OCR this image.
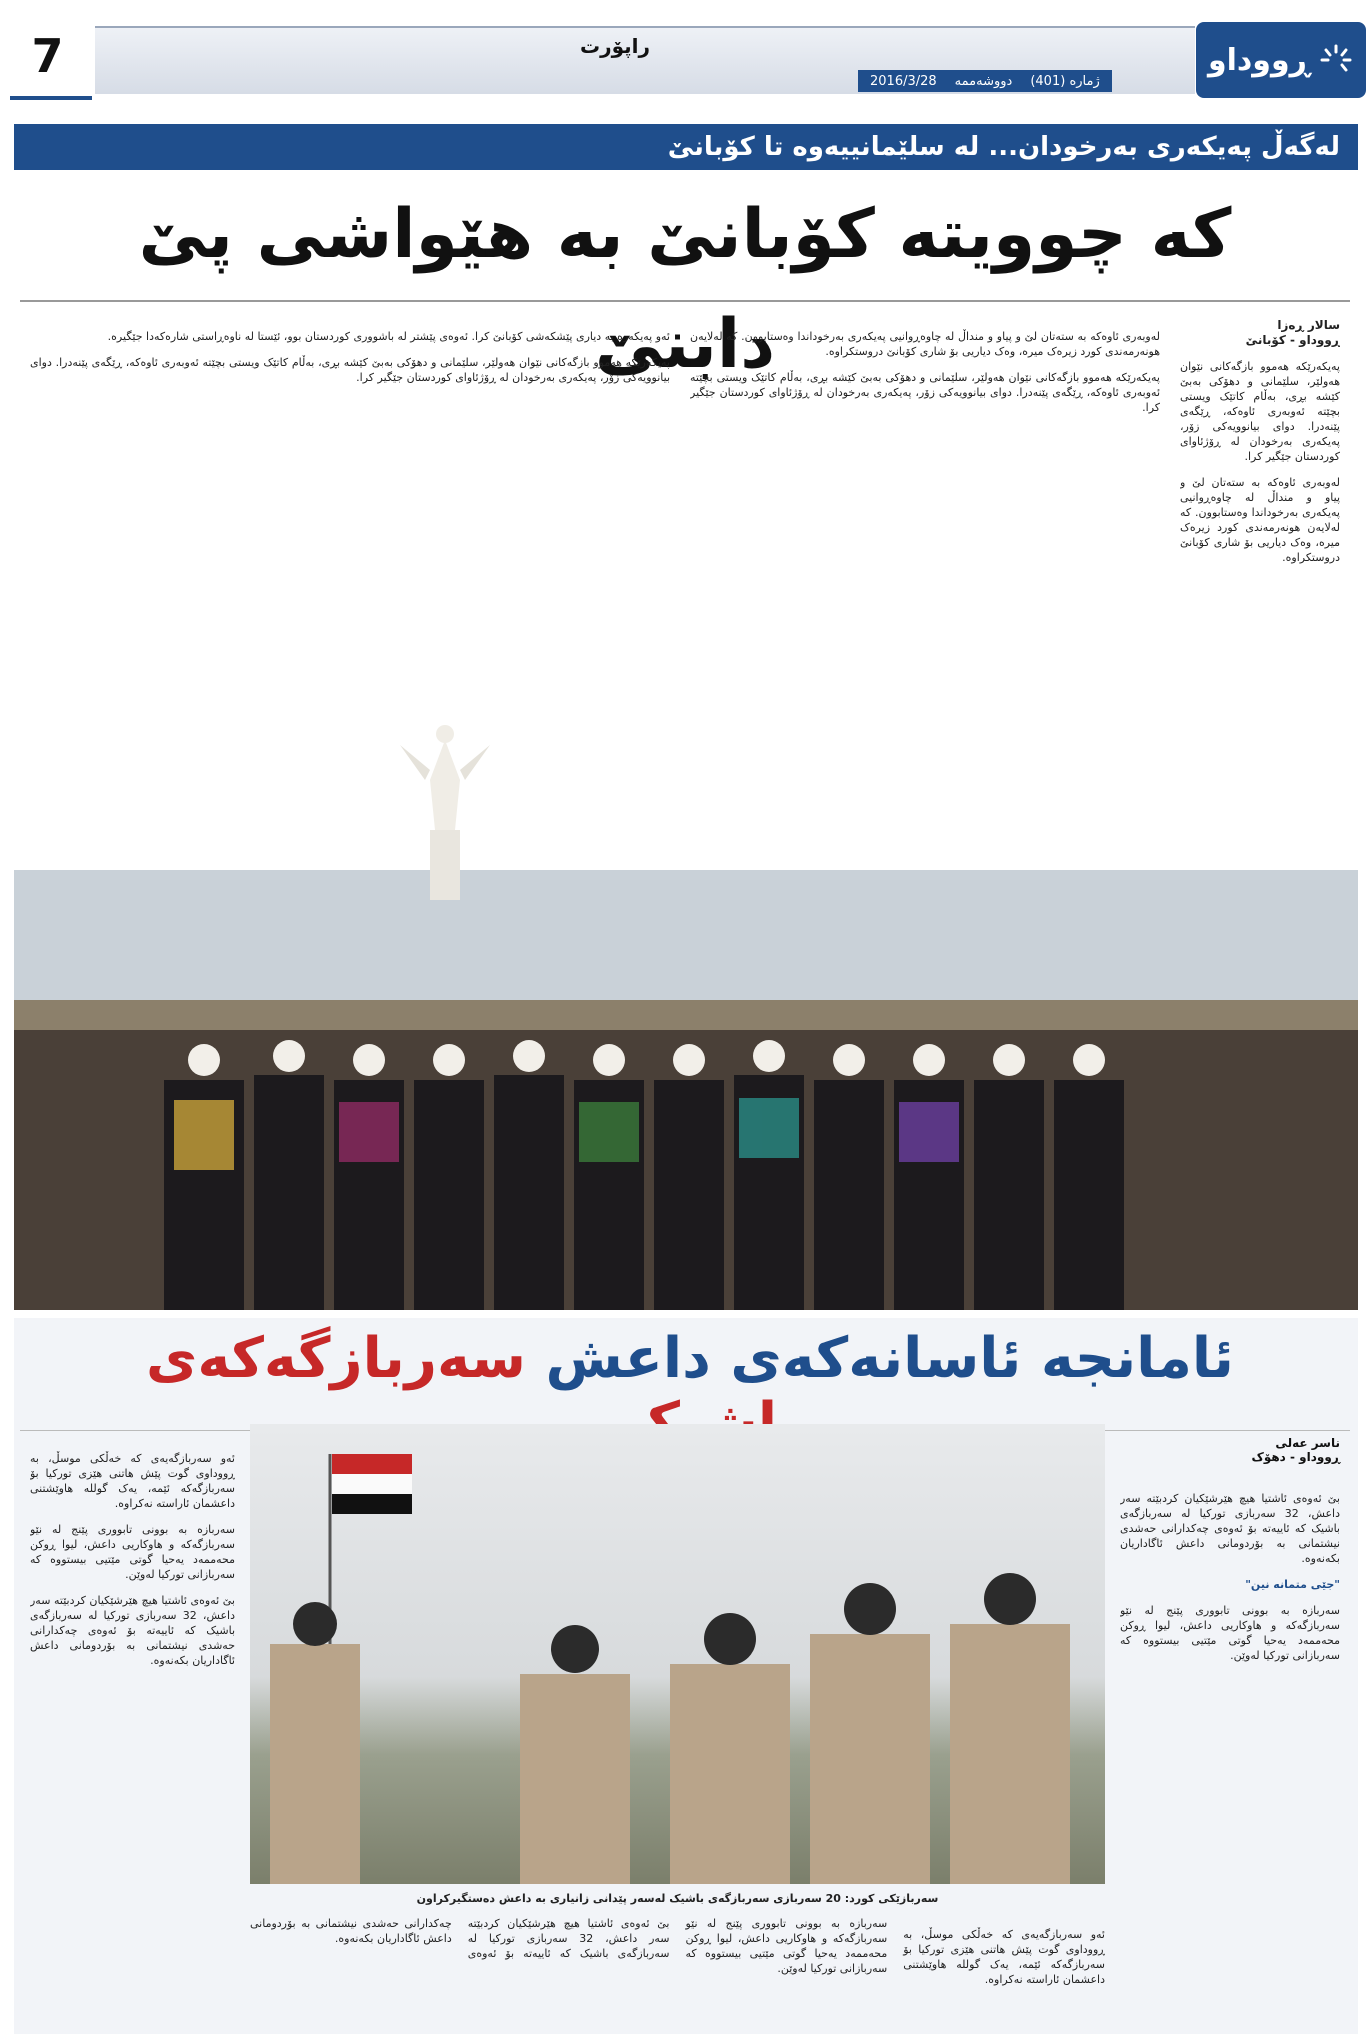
7	راپۆرت
2016/3/28 دووشەممە ژمارە (401)
ڕووداو
لەگەڵ پەیکەری بەرخودان... لە سلێمانییەوە تا کۆبانێ
کە چوویتە کۆبانێ بە هێواشی پێ دابنێ	سالار ڕەزا
ڕووداو - کۆبانێ

پەیکەرێکە هەموو بازگەکانی نێوان هەولێر، سلێمانی و دهۆکی بەبێ کێشە بڕی، بەڵام کاتێک ویستی بچێتە ئەوبەری ئاوەکە، ڕێگەی پێنەدرا. دوای بیانوویەکی زۆر، پەیکەری بەرخودان لە ڕۆژئاوای کوردستان جێگیر کرا.

لەوبەری ئاوەکە بە ستەتان لێ و پیاو و منداڵ لە چاوەڕوانیی پەیکەری بەرخوداندا وەستابوون. کە لەلایەن هونەرمەندی کورد زیرەک میرە، وەک دیاریی بۆ شاری کۆبانێ دروستکراوە.

لەوبەری ئاوەکە بە ستەتان لێ و پیاو و منداڵ لە چاوەڕوانیی پەیکەری بەرخوداندا وەستابوون. کە لەلایەن هونەرمەندی کورد زیرەک میرە، وەک دیاریی بۆ شاری کۆبانێ دروستکراوە.

پەیکەرێکە هەموو بازگەکانی نێوان هەولێر، سلێمانی و دهۆکی بەبێ کێشە بڕی، بەڵام کاتێک ویستی بچێتە ئەوبەری ئاوەکە، ڕێگەی پێنەدرا. دوای بیانوویەکی زۆر، پەیکەری بەرخودان لە ڕۆژئاوای کوردستان جێگیر کرا.

ئەو پەیکەرە بە دیاری پێشکەشی کۆبانێ کرا. ئەوەی پێشتر لە باشووری کوردستان بوو، ئێستا لە ناوەڕاستی شارەکەدا جێگیرە.

پەیکەرێکە هەموو بازگەکانی نێوان هەولێر، سلێمانی و دهۆکی بەبێ کێشە بڕی، بەڵام کاتێک ویستی بچێتە ئەوبەری ئاوەکە، ڕێگەی پێنەدرا. دوای بیانوویەکی زۆر، پەیکەری بەرخودان لە ڕۆژئاوای کوردستان جێگیر کرا.

ئامانجە ئاسانەکەی داعش سەربازگەکەی
ناسر عەلی
ڕووداو - دهۆک

بێ ئەوەی ئاشتیا هیچ هێرشێکیان کردبێتە سەر داعش، 32 سەربازی تورکیا لە سەربازگەی باشیک کە ئاییەتە بۆ ئەوەی چەکدارانی حەشدی نیشتمانی بە بۆردومانی داعش ئاگاداریان بکەنەوە.

"جێی متمانە نین"

سەربازە بە بوونی تابووری پێنج لە نێو سەربازگەکە و هاوکاریی داعش، لیوا ڕوکن محەممەد یەحیا گوتی مێتیی بیستووە کە سەربازانی تورکیا لەوێن.

ئەو سەربازگەیەی کە خەڵکی موسڵ، بە ڕووداوی گوت پێش هاتنی هێزی تورکیا بۆ سەربازگەکە ئێمە، یەک گوللە هاوێشتنی داعشمان ئاراستە نەکراوە.

سەربازە بە بوونی تابووری پێنج لە نێو سەربازگەکە و هاوکاریی داعش، لیوا ڕوکن محەممەد یەحیا گوتی مێتیی بیستووە کە سەربازانی تورکیا لەوێن.

بێ ئەوەی ئاشتیا هیچ هێرشێکیان کردبێتە سەر داعش، 32 سەربازی تورکیا لە سەربازگەی باشیک کە ئاییەتە بۆ ئەوەی چەکدارانی حەشدی نیشتمانی بە بۆردومانی داعش ئاگاداریان بکەنەوە.

سەربازێکی کورد: 20 سەربازی سەربازگەی باشیک لەسەر پێدانی زانیاری بە داعش دەستگیرکراون

ئەو سەربازگەیەی کە خەڵکی موسڵ، بە ڕووداوی گوت پێش هاتنی هێزی تورکیا بۆ سەربازگەکە ئێمە، یەک گوللە هاوێشتنی داعشمان ئاراستە نەکراوە.

سەربازە بە بوونی تابووری پێنج لە نێو سەربازگەکە و هاوکاریی داعش، لیوا ڕوکن محەممەد یەحیا گوتی مێتیی بیستووە کە سەربازانی تورکیا لەوێن.

بێ ئەوەی ئاشتیا هیچ هێرشێکیان کردبێتە سەر داعش، 32 سەربازی تورکیا لە سەربازگەی باشیک کە ئاییەتە بۆ ئەوەی چەکدارانی حەشدی نیشتمانی بە بۆردومانی داعش ئاگاداریان بکەنەوە.
